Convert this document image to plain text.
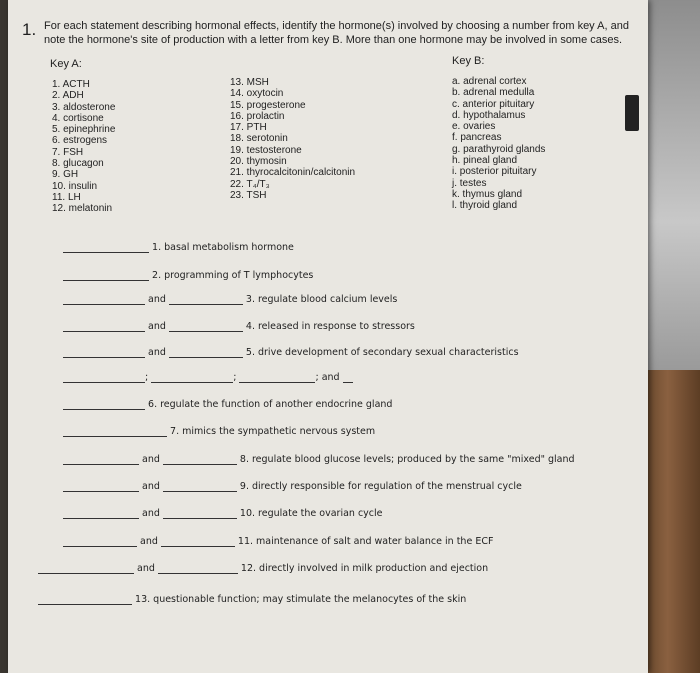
1. For each statement describing hormonal effects, identify the hormone(s) involved by choosing a number from key A, and note the hormone's site of production with a letter from key B. More than one hormone may be involved in some cases.
Key A:	Key B:
1. ACTH
2. ADH
3. aldosterone
4. cortisone
5. epinephrine
6. estrogens
7. FSH
8. glucagon
9. GH
10. insulin
11. LH
12. melatonin
13. MSH
14. oxytocin
15. progesterone
16. prolactin
17. PTH
18. serotonin
19. testosterone
20. thymosin
21. thyrocalcitonin/calcitonin
22. T₄/T₃
23. TSH
a. adrenal cortex
b. adrenal medulla
c. anterior pituitary
d. hypothalamus
e. ovaries
f. pancreas
g. parathyroid glands
h. pineal gland
i. posterior pituitary
j. testes
k. thymus gland
l. thyroid gland
1. basal metabolism hormone
2. programming of T lymphocytes
and	3. regulate blood calcium levels
and	4. released in response to stressors
and	5. drive development of secondary sexual characteristics
;	;	; and
6. regulate the function of another endocrine gland
7. mimics the sympathetic nervous system
and	8. regulate blood glucose levels; produced by the same "mixed" gland
and	9. directly responsible for regulation of the menstrual cycle
and	10. regulate the ovarian cycle
and	11. maintenance of salt and water balance in the ECF
and	12. directly involved in milk production and ejection
13. questionable function; may stimulate the melanocytes of the skin
